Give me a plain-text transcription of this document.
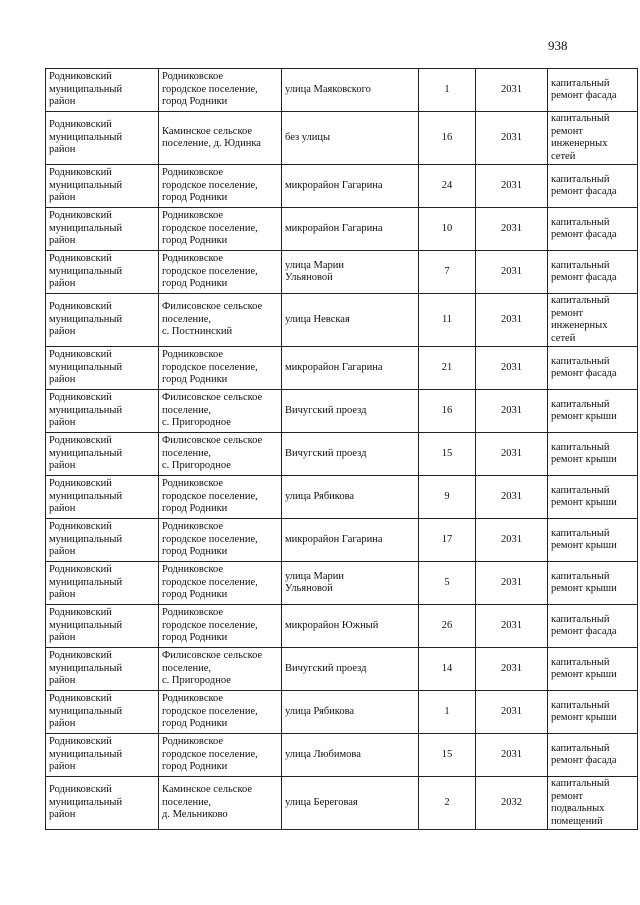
938
Родниковский
муниципальный
район	Родниковское
городское поселение,
город Родники	улица Маяковского	1	2031	капитальный
ремонт фасада

Родниковский
муниципальный
район	Каминское сельское
поселение, д. Юдинка	без улицы	16	2031	капитальный
ремонт
инженерных
сетей

Родниковский
муниципальный
район	Родниковское
городское поселение,
город Родники	микрорайон Гагарина	24	2031	капитальный
ремонт фасада

Родниковский
муниципальный
район	Родниковское
городское поселение,
город Родники	микрорайон Гагарина	10	2031	капитальный
ремонт фасада

Родниковский
муниципальный
район	Родниковское
городское поселение,
город Родники	улица Марии
Ульяновой	7	2031	капитальный
ремонт фасада

Родниковский
муниципальный
район	Филисовское сельское
поселение,
с. Постнинский	улица Невская	11	2031	капитальный
ремонт
инженерных
сетей

Родниковский
муниципальный
район	Родниковское
городское поселение,
город Родники	микрорайон Гагарина	21	2031	капитальный
ремонт фасада

Родниковский
муниципальный
район	Филисовское сельское
поселение,
с. Пригородное	Вичугский проезд	16	2031	капитальный
ремонт крыши

Родниковский
муниципальный
район	Филисовское сельское
поселение,
с. Пригородное	Вичугский проезд	15	2031	капитальный
ремонт крыши

Родниковский
муниципальный
район	Родниковское
городское поселение,
город Родники	улица Рябикова	9	2031	капитальный
ремонт крыши

Родниковский
муниципальный
район	Родниковское
городское поселение,
город Родники	микрорайон Гагарина	17	2031	капитальный
ремонт крыши

Родниковский
муниципальный
район	Родниковское
городское поселение,
город Родники	улица Марии
Ульяновой	5	2031	капитальный
ремонт крыши

Родниковский
муниципальный
район	Родниковское
городское поселение,
город Родники	микрорайон Южный	26	2031	капитальный
ремонт фасада

Родниковский
муниципальный
район	Филисовское сельское
поселение,
с. Пригородное	Вичугский проезд	14	2031	капитальный
ремонт крыши

Родниковский
муниципальный
район	Родниковское
городское поселение,
город Родники	улица Рябикова	1	2031	капитальный
ремонт крыши

Родниковский
муниципальный
район	Родниковское
городское поселение,
город Родники	улица Любимова	15	2031	капитальный
ремонт фасада

Родниковский
муниципальный
район	Каминское сельское
поселение,
д. Мельниково	улица Береговая	2	2032	капитальный
ремонт
подвальных
помещений
